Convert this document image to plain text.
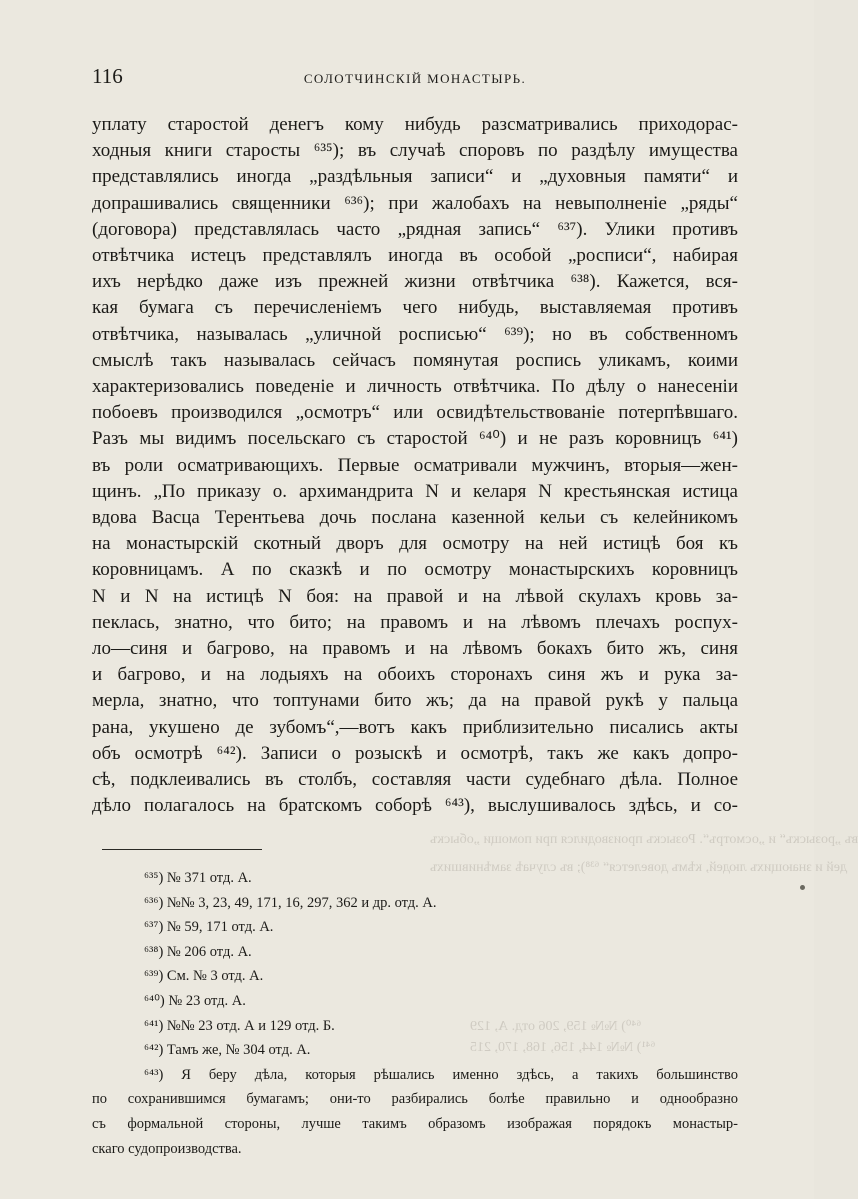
въ „розыскъ“ и „осмотръ“. Розыскъ производился при помощи „обыскъ
дей и знающихъ людей, кѣмъ довелется“ ⁶³⁸); въ случаѣ замѣнившихъ
⁶⁴⁰) №№ 159, 206 отд. А, 129
⁶⁴¹) №№ 144, 156, 168, 170, 215
116	СОЛОТЧИНСКІЙ МОНАСТЫРЬ.
уплату старостой денегъ кому нибудь разсматривались приходорас-
ходныя книги старосты ⁶³⁵); въ случаѣ споровъ по раздѣлу имущества
представлялись иногда „раздѣльныя записи“ и „духовныя памяти“ и
допрашивались священники ⁶³⁶); при жалобахъ на невыполненіе „ряды“
(договора) представлялась часто „рядная запись“ ⁶³⁷). Улики противъ
отвѣтчика истецъ представлялъ иногда въ особой „росписи“, набирая
ихъ нерѣдко даже изъ прежней жизни отвѣтчика ⁶³⁸). Кажется, вся-
кая бумага съ перечисленіемъ чего нибудь, выставляемая противъ
отвѣтчика, называлась „уличной росписью“ ⁶³⁹); но въ собственномъ
смыслѣ такъ называлась сейчасъ помянутая роспись уликамъ, коими
характеризовались поведеніе и личность отвѣтчика. По дѣлу о нанесеніи
побоевъ производился „осмотръ“ или освидѣтельствованіе потерпѣвшаго.
Разъ мы видимъ посельскаго съ старостой ⁶⁴⁰) и не разъ коровницъ ⁶⁴¹)
въ роли осматривающихъ. Первые осматривали мужчинъ, вторыя—жен-
щинъ. „По приказу о. архимандрита N и келаря N крестьянская истица
вдова Васца Терентьева дочь послана казенной кельи съ келейникомъ
на монастырскій скотный дворъ для осмотру на ней истицѣ боя къ
коровницамъ. А по сказкѣ и по осмотру монастырскихъ коровницъ
N и N на истицѣ N боя: на правой и на лѣвой скулахъ кровь за-
пеклась, знатно, что бито; на правомъ и на лѣвомъ плечахъ роспух-
ло—синя и багрово, на правомъ и на лѣвомъ бокахъ бито жъ, синя
и багрово, и на лодыяхъ на обоихъ сторонахъ синя жъ и рука за-
мерла, знатно, что топтунами бито жъ; да на правой рукѣ у пальца
рана, укушено де зубомъ“,—вотъ какъ приблизительно писались акты
объ осмотрѣ ⁶⁴²). Записи о розыскѣ и осмотрѣ, такъ же какъ допро-
сѣ, подклеивались въ столбъ, составляя части судебнаго дѣла. Полное
дѣло полагалось на братскомъ соборѣ ⁶⁴³), выслушивалось здѣсь, и со-
⁶³⁵) № 371 отд. А.
⁶³⁶) №№ 3, 23, 49, 171, 16, 297, 362 и др. отд. А.
⁶³⁷) № 59, 171 отд. А.
⁶³⁸) № 206 отд. А.
⁶³⁹) См. № 3 отд. А.
⁶⁴⁰) № 23 отд. А.
⁶⁴¹) №№ 23 отд. А и 129 отд. Б.
⁶⁴²) Тамъ же, № 304 отд. А.
⁶⁴³) Я беру дѣла, которыя рѣшались именно здѣсь, а такихъ большинство
по сохранившимся бумагамъ; они-то разбирались болѣе правильно и однообразно
съ формальной стороны, лучше такимъ образомъ изображая порядокъ монастыр-
скаго судопроизводства.
